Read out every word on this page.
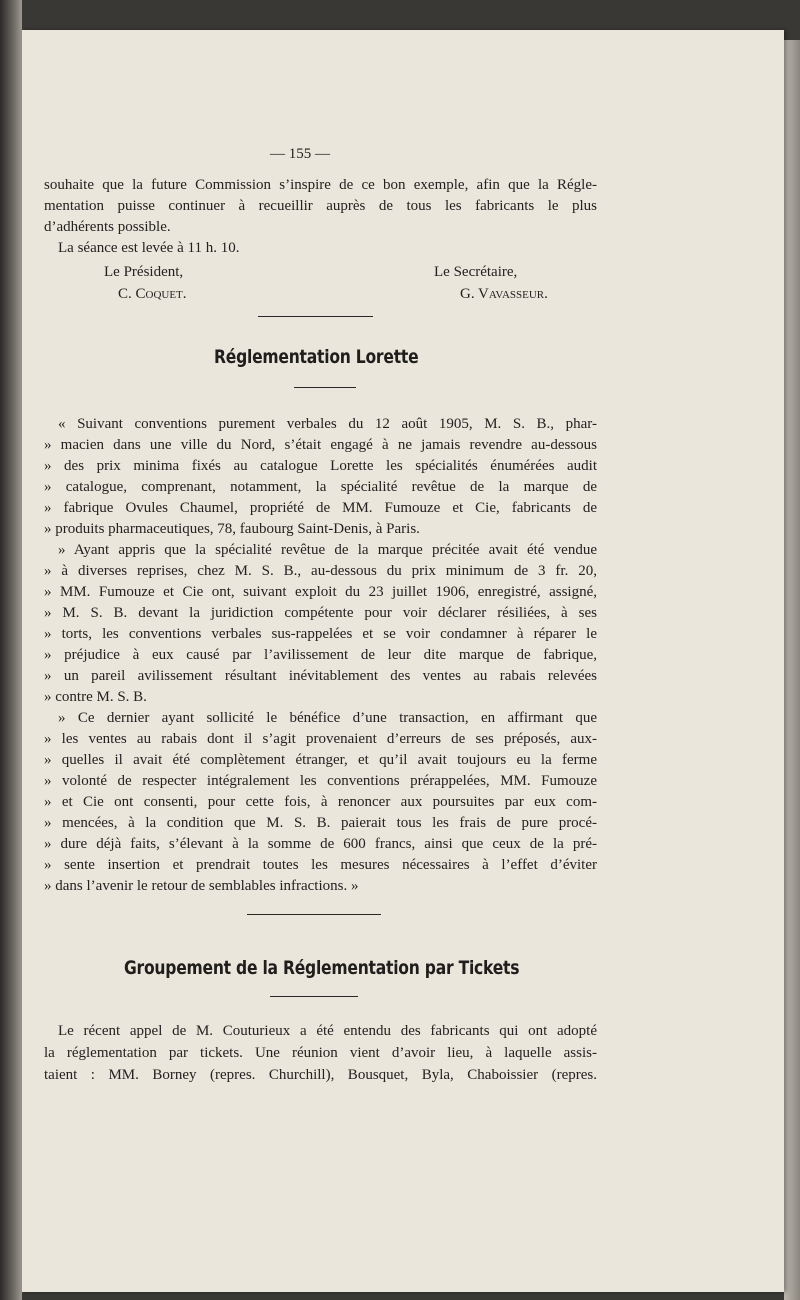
— 155 —
souhaite que la future Commission s’inspire de ce bon exemple, afin que la Régle-
mentation puisse continuer à recueillir auprès de tous les fabricants le plus
d’adhérents possible.
La séance est levée à 11 h. 10.
Le Président,
C. Coquet.
Le Secrétaire,
G. Vavasseur.
Réglementation Lorette
« Suivant conventions purement verbales du 12 août 1905, M. S. B., phar-
» macien dans une ville du Nord, s’était engagé à ne jamais revendre au-dessous
» des prix minima fixés au catalogue Lorette les spécialités énumérées audit
» catalogue, comprenant, notamment, la spécialité revêtue de la marque de
» fabrique Ovules Chaumel, propriété de MM. Fumouze et Cie, fabricants de
» produits pharmaceutiques, 78, faubourg Saint-Denis, à Paris.
» Ayant appris que la spécialité revêtue de la marque précitée avait été vendue
» à diverses reprises, chez M. S. B., au-dessous du prix minimum de 3 fr. 20,
» MM. Fumouze et Cie ont, suivant exploit du 23 juillet 1906, enregistré, assigné,
» M. S. B. devant la juridiction compétente pour voir déclarer résiliées, à ses
» torts, les conventions verbales sus-rappelées et se voir condamner à réparer le
» préjudice à eux causé par l’avilissement de leur dite marque de fabrique,
» un pareil avilissement résultant inévitablement des ventes au rabais relevées
» contre M. S. B.
» Ce dernier ayant sollicité le bénéfice d’une transaction, en affirmant que
» les ventes au rabais dont il s’agit provenaient d’erreurs de ses préposés, aux-
» quelles il avait été complètement étranger, et qu’il avait toujours eu la ferme
» volonté de respecter intégralement les conventions prérappelées, MM. Fumouze
» et Cie ont consenti, pour cette fois, à renoncer aux poursuites par eux com-
» mencées, à la condition que M. S. B. paierait tous les frais de pure procé-
» dure déjà faits, s’élevant à la somme de 600 francs, ainsi que ceux de la pré-
» sente insertion et prendrait toutes les mesures nécessaires à l’effet d’éviter
» dans l’avenir le retour de semblables infractions. »
Groupement de la Réglementation par Tickets
Le récent appel de M. Couturieux a été entendu des fabricants qui ont adopté
la réglementation par tickets. Une réunion vient d’avoir lieu, à laquelle assis-
taient : MM. Borney (repres. Churchill), Bousquet, Byla, Chaboissier (repres.
